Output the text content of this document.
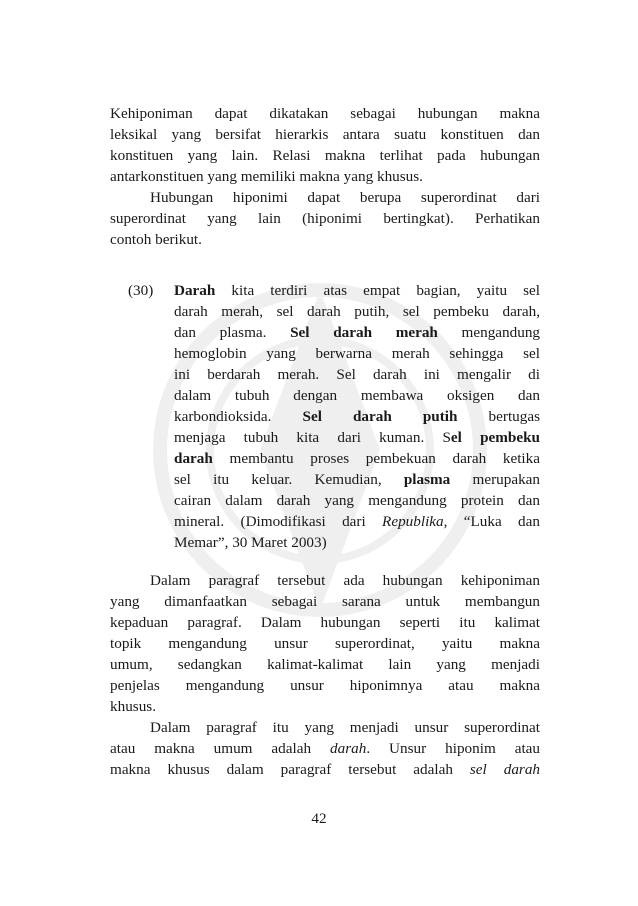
Kehiponiman dapat dikatakan sebagai hubungan makna

leksikal yang bersifat hierarkis antara suatu konstituen dan

konstituen yang lain. Relasi makna terlihat pada hubungan

antarkonstituen yang memiliki makna yang khusus.

Hubungan hiponimi dapat berupa superordinat dari

superordinat yang lain (hiponimi bertingkat). Perhatikan

contoh berikut.

(30) Darah kita terdiri atas empat bagian, yaitu sel
darah merah, sel darah putih, sel pembeku darah,
dan plasma. Sel darah merah mengandung
hemoglobin yang berwarna merah sehingga sel
ini berdarah merah. Sel darah ini mengalir di
dalam tubuh dengan membawa oksigen dan
karbondioksida. Sel darah putih bertugas
menjaga tubuh kita dari kuman. Sel pembeku
darah membantu proses pembekuan darah ketika
sel itu keluar. Kemudian, plasma merupakan
cairan dalam darah yang mengandung protein dan
mineral. (Dimodifikasi dari Republika, “Luka dan
Memar”, 30 Maret 2003)

Dalam paragraf tersebut ada hubungan kehiponiman

yang dimanfaatkan sebagai sarana untuk membangun

kepaduan paragraf. Dalam hubungan seperti itu kalimat

topik mengandung unsur superordinat, yaitu makna

umum, sedangkan kalimat-kalimat lain yang menjadi

penjelas mengandung unsur hiponimnya atau makna

khusus.

Dalam paragraf itu yang menjadi unsur superordinat

atau makna umum adalah darah. Unsur hiponim atau

makna khusus dalam paragraf tersebut adalah sel darah

42
